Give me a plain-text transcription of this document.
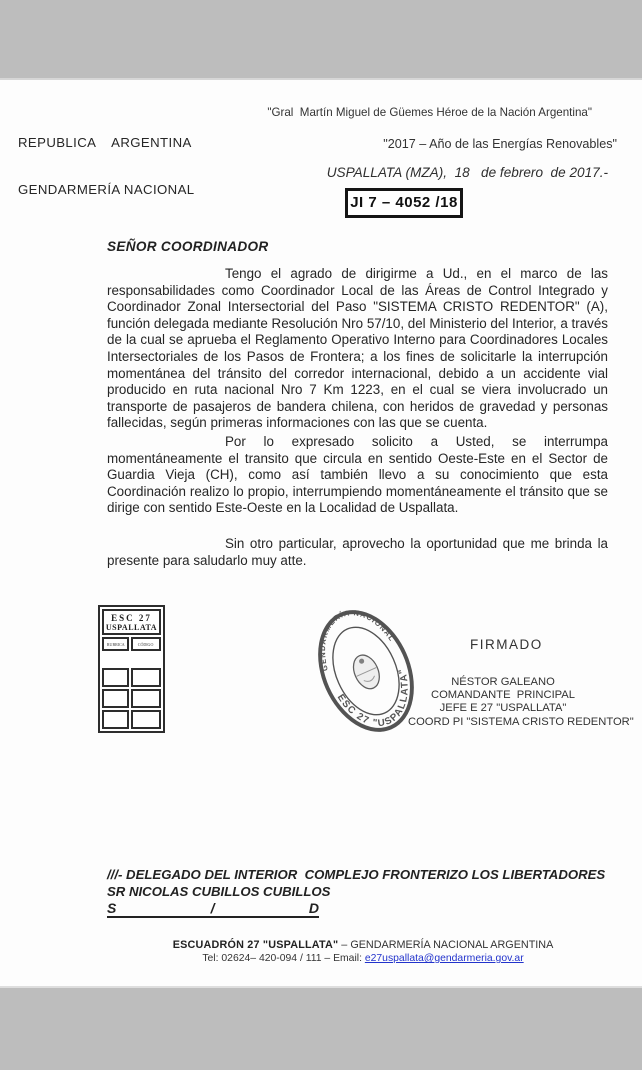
REPUBLICA    ARGENTINA

GENDARMERÍA NACIONAL

"Gral  Martín Miguel de Güemes Héroe de la Nación Argentina"
"2017 – Año de las Energías Renovables"
USPALLATA (MZA),  18   de febrero  de 2017.-
JI 7 – 4052 /18
SEÑOR COORDINADOR
Tengo el agrado de dirigirme a Ud., en el marco de las responsabilidades como Coordinador Local de las Áreas de Control Integrado y Coordinador Zonal Intersectorial del Paso "SISTEMA CRISTO REDENTOR" (A), función delegada mediante Resolución Nro 57/10, del Ministerio del Interior, a través de la cual se aprueba el Reglamento Operativo Interno para Coordinadores Locales Intersectoriales de los Pasos de Frontera; a los fines de solicitarle la interrupción momentánea del tránsito del corredor internacional, debido a un accidente vial producido en ruta nacional Nro 7 Km 1223, en el cual se viera involucrado un transporte de pasajeros de bandera chilena, con heridos de gravedad y personas fallecidas, según primeras informaciones con las que se cuenta.
Por lo expresado solicito a Usted, se interrumpa momentáneamente el transito que circula en sentido Oeste-Este en el Sector de Guardia Vieja (CH), como así también llevo a su conocimiento que esta Coordinación realizo lo propio, interrumpiendo momentáneamente el tránsito que se dirige con sentido Este-Oeste en la Localidad de Uspallata.
Sin otro particular, aprovecho la oportunidad que me brinda la presente para saludarlo muy atte.
ESC 27
USPALLATA
RUBRICA CÓDIGO
GENDARMERÍA NACIONAL
ESC 27 "USPALLATA"
FIRMADO
NÉSTOR GALEANO
COMANDANTE  PRINCIPAL
JEFE E 27 "USPALLATA"
COORD PI "SISTEMA CRISTO REDENTOR"
///- DELEGADO DEL INTERIOR  COMPLEJO FRONTERIZO LOS LIBERTADORES
SR NICOLAS CUBILLOS CUBILLOS
S	/	D
ESCUADRÓN 27 "USPALLATA" – GENDARMERÍA NACIONAL ARGENTINA
Tel: 02624– 420-094 / 111 – Email: e27uspallata@gendarmeria.gov.ar
